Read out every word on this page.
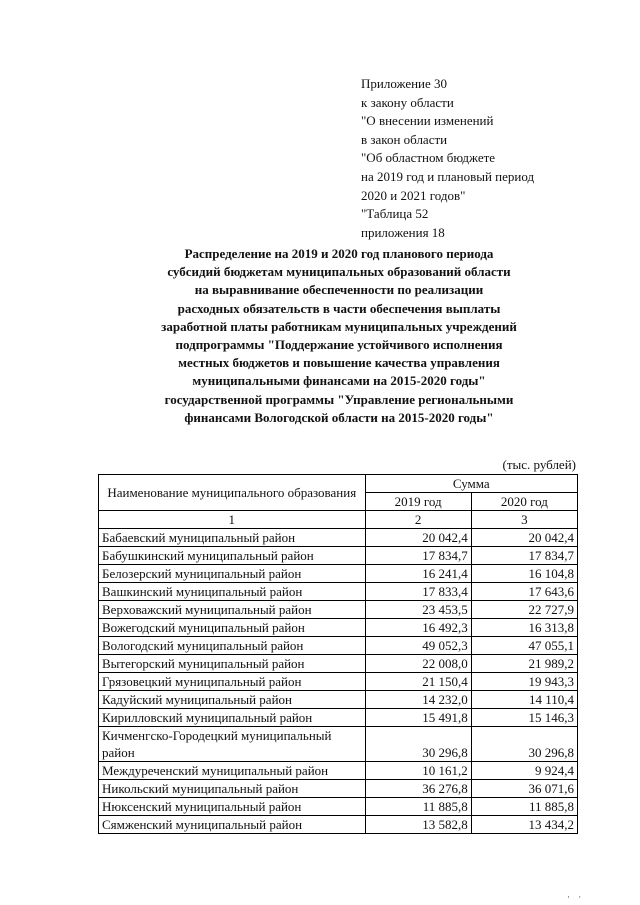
Приложение 30
к закону области
"О внесении изменений
в закон области
"Об областном бюджете
на 2019 год и плановый период
2020 и 2021 годов"
"Таблица 52
приложения 18
Распределение на 2019 и 2020 год планового периода
субсидий бюджетам муниципальных образований области
на выравнивание обеспеченности по реализации
расходных обязательств в части обеспечения выплаты
заработной платы работникам муниципальных учреждений
подпрограммы "Поддержание устойчивого исполнения
местных бюджетов и повышение качества управления
муниципальными финансами на 2015-2020 годы"
государственной программы "Управление региональными
финансами Вологодской области на 2015-2020 годы"
(тыс. рублей)
Наименование муниципального образования	Сумма	
	2019 год	2020 год
1	2	3
Бабаевский муниципальный район	20 042,4	20 042,4
Бабушкинский муниципальный район	17 834,7	17 834,7
Белозерский муниципальный район	16 241,4	16 104,8
Вашкинский муниципальный район	17 833,4	17 643,6
Верховажский муниципальный район	23 453,5	22 727,9
Вожегодский муниципальный район	16 492,3	16 313,8
Вологодский муниципальный район	49 052,3	47 055,1
Вытегорский муниципальный район	22 008,0	21 989,2
Грязовецкий муниципальный район	21 150,4	19 943,3
Кадуйский муниципальный район	14 232,0	14 110,4
Кирилловский муниципальный район	15 491,8	15 146,3
Кичменгско-Городецкий муниципальный район	30 296,8	30 296,8
Междуреченский муниципальный район	10 161,2	9 924,4
Никольский муниципальный район	36 276,8	36 071,6
Нюксенский муниципальный район	11 885,8	11 885,8
Сямженский муниципальный район	13 582,8	13 434,2
· ·
